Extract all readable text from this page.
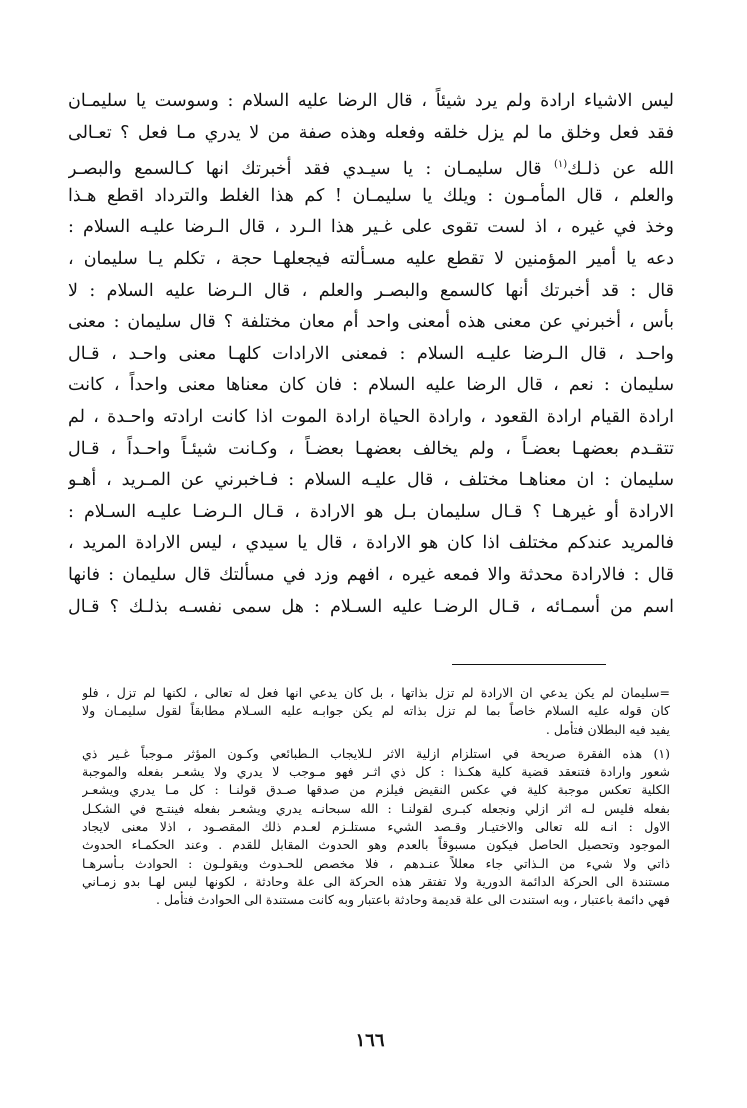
ليس الاشياء ارادة ولم يرد شيئاً ، قال الرضا عليه السلام : وسوست يا سليمـان
فقد فعل وخلق ما لم يزل خلقه وفعله وهذه صفة من لا يدري مـا فعل ؟ تعـالى
الله عن ذلـك$^{(١)}$ قال سليمـان : يا سيـدي فقد أخبرتك انها كـالسمع والبصـر
والعلم ، قال المأمـون : ويلك يا سليمـان ! كم هذا الغلط والترداد اقطع هـذا
وخذ في غيره ، اذ لست تقوى على غـير هذا الـرد ، قال الـرضا عليـه السلام :
دعه يا أمير المؤمنين لا تقطع عليه مسـألته فيجعلهـا حجة ، تكلم يـا سليمان ،
قال : قد أخبرتك أنها كالسمع والبصـر والعلم ، قال الـرضا عليه السلام : لا
بأس ، أخبرني عن معنى هذه أمعنى واحد أم معان مختلفة ؟ قال سليمان : معنى
واحـد ، قال الـرضا عليـه السلام : فمعنى الارادات كلهـا معنى واحـد ، قـال
سليمان : نعم ، قال الرضا عليه السلام : فان كان معناها معنى واحداً ، كانت
ارادة القيام ارادة القعود ، وارادة الحياة ارادة الموت اذا كانت ارادته واحـدة ، لم
تتقـدم بعضهـا بعضـاً ، ولم يخالف بعضهـا بعضـاً ، وكـانت شيئـاً واحـداً ، قـال
سليمان : ان معناهـا مختلف ، قال عليـه السلام : فـاخبرني عن المـريد ، أهـو
الارادة أو غيرهـا ؟ قـال سليمان بـل هو الارادة ، قـال الـرضـا عليـه السـلام :
فالمريد عندكم مختلف اذا كان هو الارادة ، قال يا سيدي ، ليس الارادة المريد ،
قال : فالارادة محدثة والا فمعه غيره ، افهم وزد في مسألتك قال سليمان : فانها
اسم من أسمـائه ، قـال الرضـا عليه السـلام : هل سمى نفسـه بذلـك ؟ قـال
=سليمان لم يكن يدعي ان الارادة لم تزل بذاتها ، بل كان يدعي انها فعل له تعالى ، لكنها لم تزل ، فلو
كان قوله عليه السلام خاصاً بما لم تزل بذاته لم يكن جوابـه عليه السـلام مطابقاً لقول سليمـان ولا
يفيد فيه البطلان فتأمل .
(١) هذه الفقرة صريحة في استلزام ازلية الاثر لـلايجاب الـطبائعي وكـون المؤثر مـوجباً غـير ذي
شعور وارادة فتنعقد قضية كلية هكـذا : كل ذي اثـر فهو مـوجب لا يدري ولا يشعـر بفعله والموجبة
الكلية تعكس موجبة كلية في عكس النقيض فيلزم من صدقها صـدق قولنـا : كل مـا يدري ويشعـر
بفعله فليس لـه اثر ازلي ونجعله كبـرى لقولنـا : الله سبحانـه يدري ويشعـر بفعله فينتـج في الشكـل
الاول : انـه لله تعالى والاختيـار وقـصد الشيء مستلـزم لعـدم ذلك المقصـود ، اذلا معنى لايجاد
الموجود وتحصيل الحاصل فيكون مسبوقاً بالعدم وهو الحدوث المقابل للقدم . وعند الحكمـاء الحدوث
ذاتي ولا شيء من الـذاتي جاء معللاً عنـدهم ، فلا مخصص للحـدوث ويقولـون : الحوادث بـأسرهـا
مستندة الى الحركة الدائمة الدورية ولا تفتقر هذه الحركة الى علة وحادثة ، لكونها ليس لهـا بدو زمـاني
فهي دائمة باعتبار ، وبه استندت الى علة قديمة وحادثة باعتبار وبه كانت مستندة الى الحوادث فتأمل .
١٦٦
